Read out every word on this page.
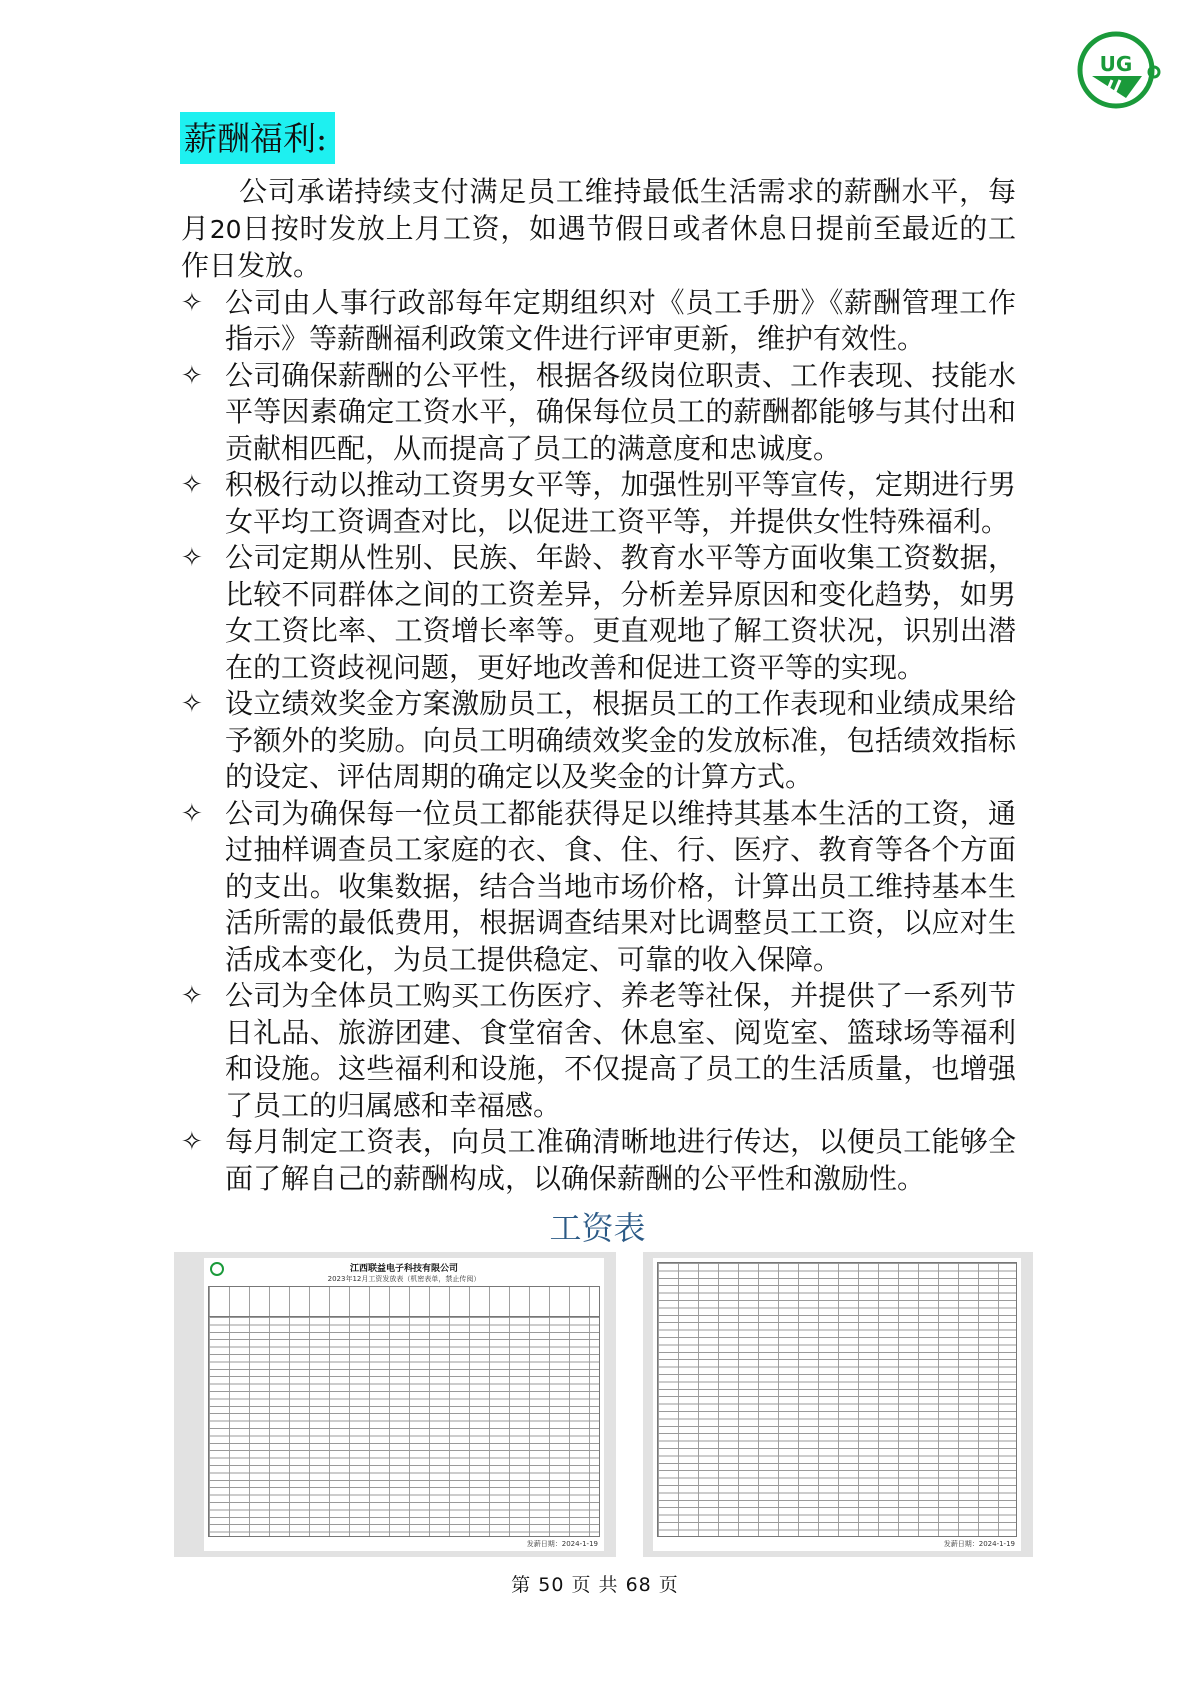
UG
薪酬福利:

公司承诺持续支付满足员工维持最低生活需求的薪酬水平，每月20日按时发放上月工资，如遇节假日或者休息日提前至最近的工作日发放。

✧ 公司由人事行政部每年定期组织对《员工手册》《薪酬管理工作指示》等薪酬福利政策文件进行评审更新，维护有效性。
✧ 公司确保薪酬的公平性，根据各级岗位职责、工作表现、技能水平等因素确定工资水平，确保每位员工的薪酬都能够与其付出和贡献相匹配，从而提高了员工的满意度和忠诚度。
✧ 积极行动以推动工资男女平等，加强性别平等宣传，定期进行男女平均工资调查对比，以促进工资平等，并提供女性特殊福利。
✧ 公司定期从性别、民族、年龄、教育水平等方面收集工资数据，比较不同群体之间的工资差异，分析差异原因和变化趋势，如男女工资比率、工资增长率等。更直观地了解工资状况，识别出潜在的工资歧视问题，更好地改善和促进工资平等的实现。
✧ 设立绩效奖金方案激励员工，根据员工的工作表现和业绩成果给予额外的奖励。向员工明确绩效奖金的发放标准，包括绩效指标的设定、评估周期的确定以及奖金的计算方式。
✧ 公司为确保每一位员工都能获得足以维持其基本生活的工资，通过抽样调查员工家庭的衣、食、住、行、医疗、教育等各个方面的支出。收集数据，结合当地市场价格，计算出员工维持基本生活所需的最低费用，根据调查结果对比调整员工工资，以应对生活成本变化，为员工提供稳定、可靠的收入保障。
✧ 公司为全体员工购买工伤医疗、养老等社保，并提供了一系列节日礼品、旅游团建、食堂宿舍、休息室、阅览室、篮球场等福利和设施。这些福利和设施，不仅提高了员工的生活质量，也增强了员工的归属感和幸福感。
✧ 每月制定工资表，向员工准确清晰地进行传达，以便员工能够全面了解自己的薪酬构成，以确保薪酬的公平性和激励性。
工资表
江西联益电子科技有限公司
2023年12月工资发放表（机密表单，禁止传阅）
发薪日期：2024-1-19	发薪日期：2024-1-19
第 50 页 共 68 页
